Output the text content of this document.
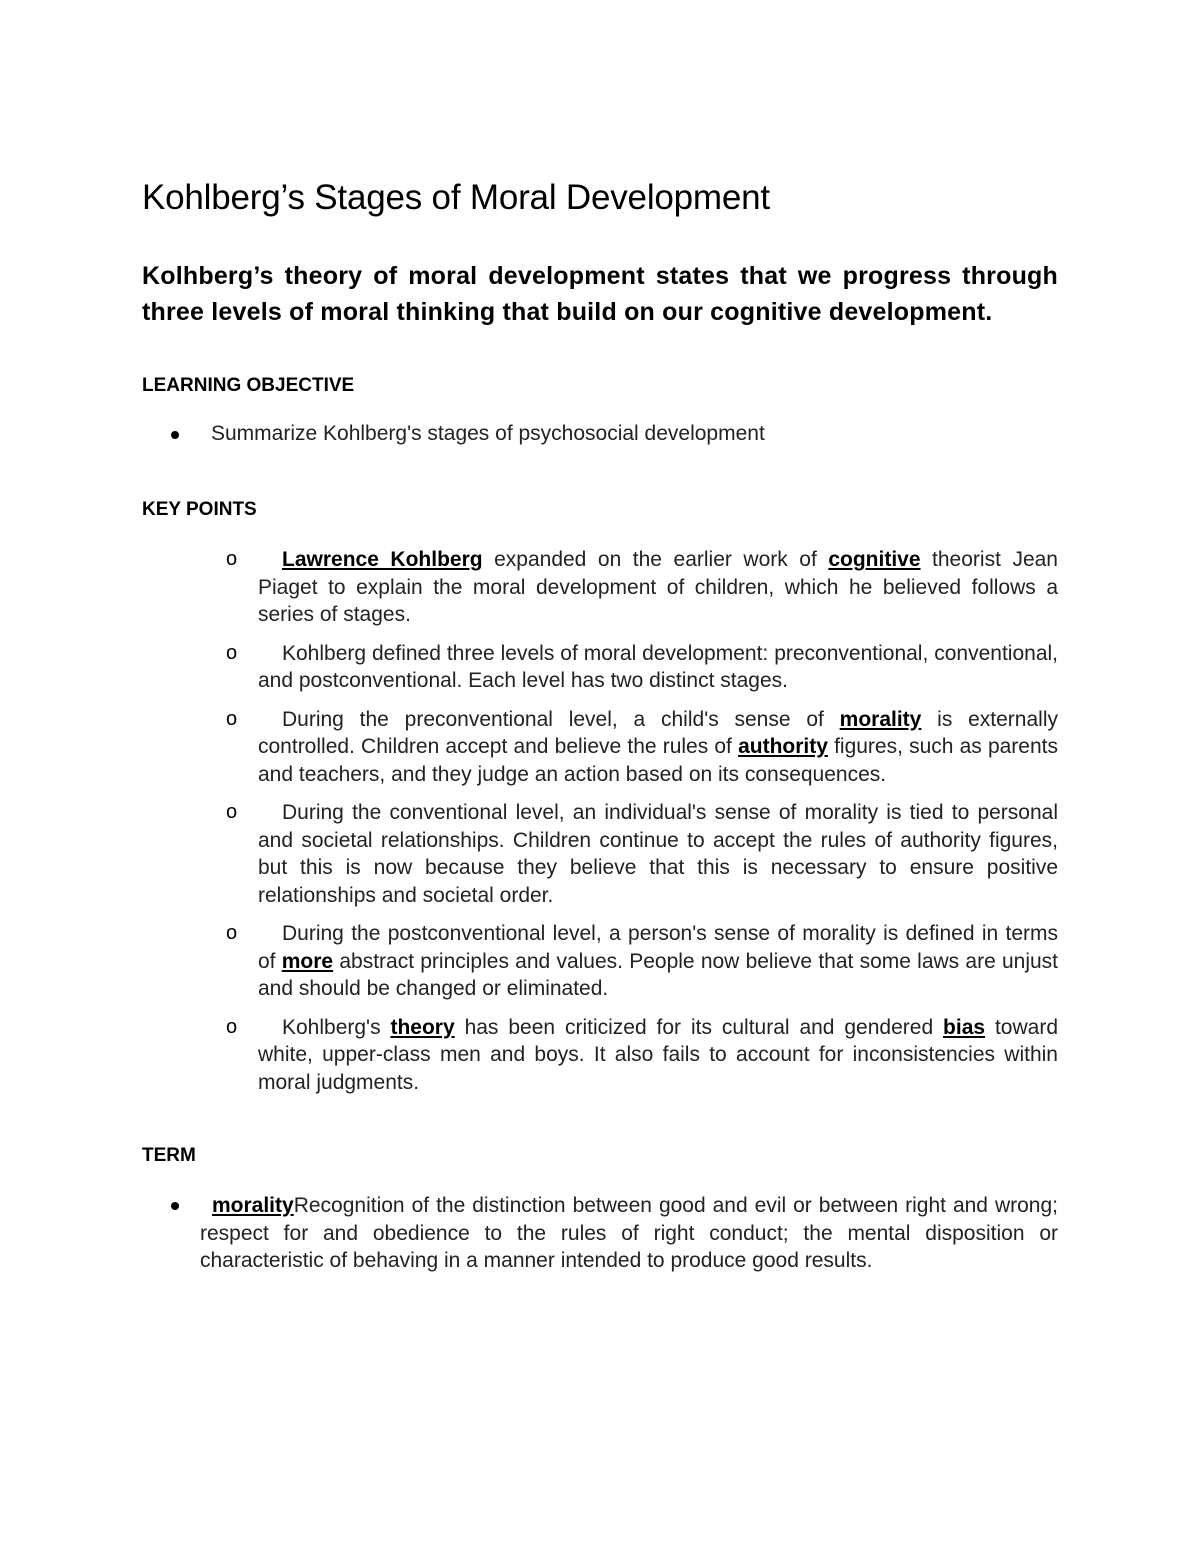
Kohlberg’s Stages of Moral Development

Kolhberg’s theory of moral development states that we progress through three levels of moral thinking that build on our cognitive development.

LEARNING OBJECTIVE
Summarize Kohlberg's stages of psychosocial development
KEY POINTS
o Lawrence Kohlberg expanded on the earlier work of cognitive theorist Jean Piaget to explain the moral development of children, which he believed follows a series of stages.
o Kohlberg defined three levels of moral development: preconventional, conventional, and postconventional. Each level has two distinct stages.
o During the preconventional level, a child's sense of morality is externally controlled. Children accept and believe the rules of authority figures, such as parents and teachers, and they judge an action based on its consequences.
o During the conventional level, an individual's sense of morality is tied to personal and societal relationships. Children continue to accept the rules of authority figures, but this is now because they believe that this is necessary to ensure positive relationships and societal order.
o During the postconventional level, a person's sense of morality is defined in terms of more abstract principles and values. People now believe that some laws are unjust and should be changed or eliminated.
o Kohlberg's theory has been criticized for its cultural and gendered bias toward white, upper-class men and boys. It also fails to account for inconsistencies within moral judgments.
TERM
moralityRecognition of the distinction between good and evil or between right and wrong; respect for and obedience to the rules of right conduct; the mental disposition or characteristic of behaving in a manner intended to produce good results.
